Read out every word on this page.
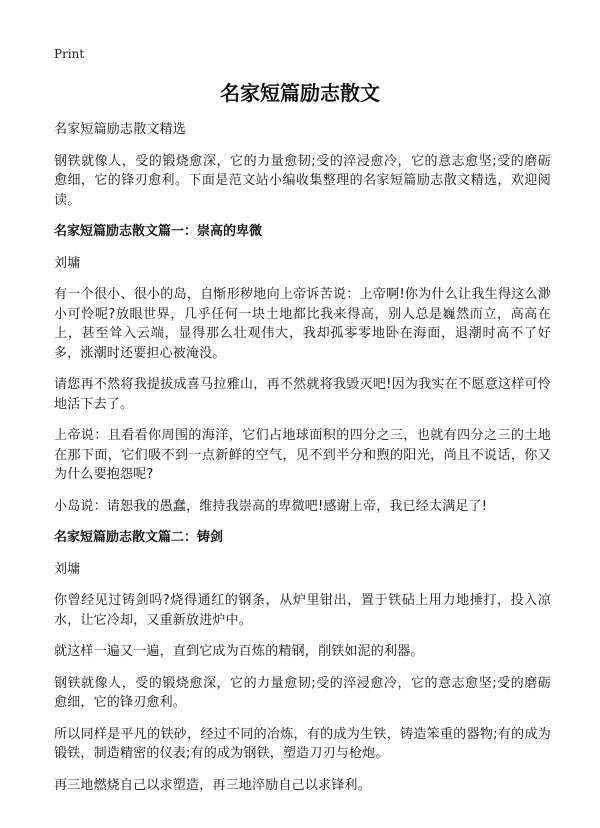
Print
名家短篇励志散文

名家短篇励志散文精选

钢铁就像人，受的锻烧愈深，它的力量愈韧;受的淬浸愈冷，它的意志愈坚;受的磨砺愈细，它的锋刃愈利。下面是范文站小编收集整理的名家短篇励志散文精选，欢迎阅读。

名家短篇励志散文篇一：崇高的卑微

刘墉

有一个很小、很小的岛，自惭形秽地向上帝诉苦说：上帝啊!你为什么让我生得这么渺小可怜呢?放眼世界，几乎任何一块土地都比我来得高，别人总是巍然而立，高高在上，甚至耸入云端，显得那么壮观伟大，我却孤零零地卧在海面，退潮时高不了好多，涨潮时还要担心被淹没。

请您再不然将我提拔成喜马拉雅山，再不然就将我毁灭吧!因为我实在不愿意这样可怜地活下去了。

上帝说：且看看你周围的海洋，它们占地球面积的四分之三，也就有四分之三的土地在那下面，它们吸不到一点新鲜的空气，见不到半分和煦的阳光，尚且不说话，你又为什么要抱怨呢?

小岛说：请恕我的愚蠢，维持我崇高的卑微吧!感谢上帝，我已经太满足了!

名家短篇励志散文篇二：铸剑

刘墉

你曾经见过铸剑吗?烧得通红的钢条，从炉里钳出，置于铁砧上用力地捶打，投入凉水，让它冷却，又重新放进炉中。

就这样一遍又一遍，直到它成为百炼的精钢，削铁如泥的利器。

钢铁就像人，受的锻烧愈深，它的力量愈韧;受的淬浸愈冷，它的意志愈坚;受的磨砺愈细，它的锋刃愈利。

所以同样是平凡的铁砂，经过不同的冶炼，有的成为生铁，铸造笨重的器物;有的成为锻铁，制造精密的仪表;有的成为钢铁，塑造刀刃与枪炮。

再三地燃烧自己以求塑造，再三地淬励自己以求锋利。
